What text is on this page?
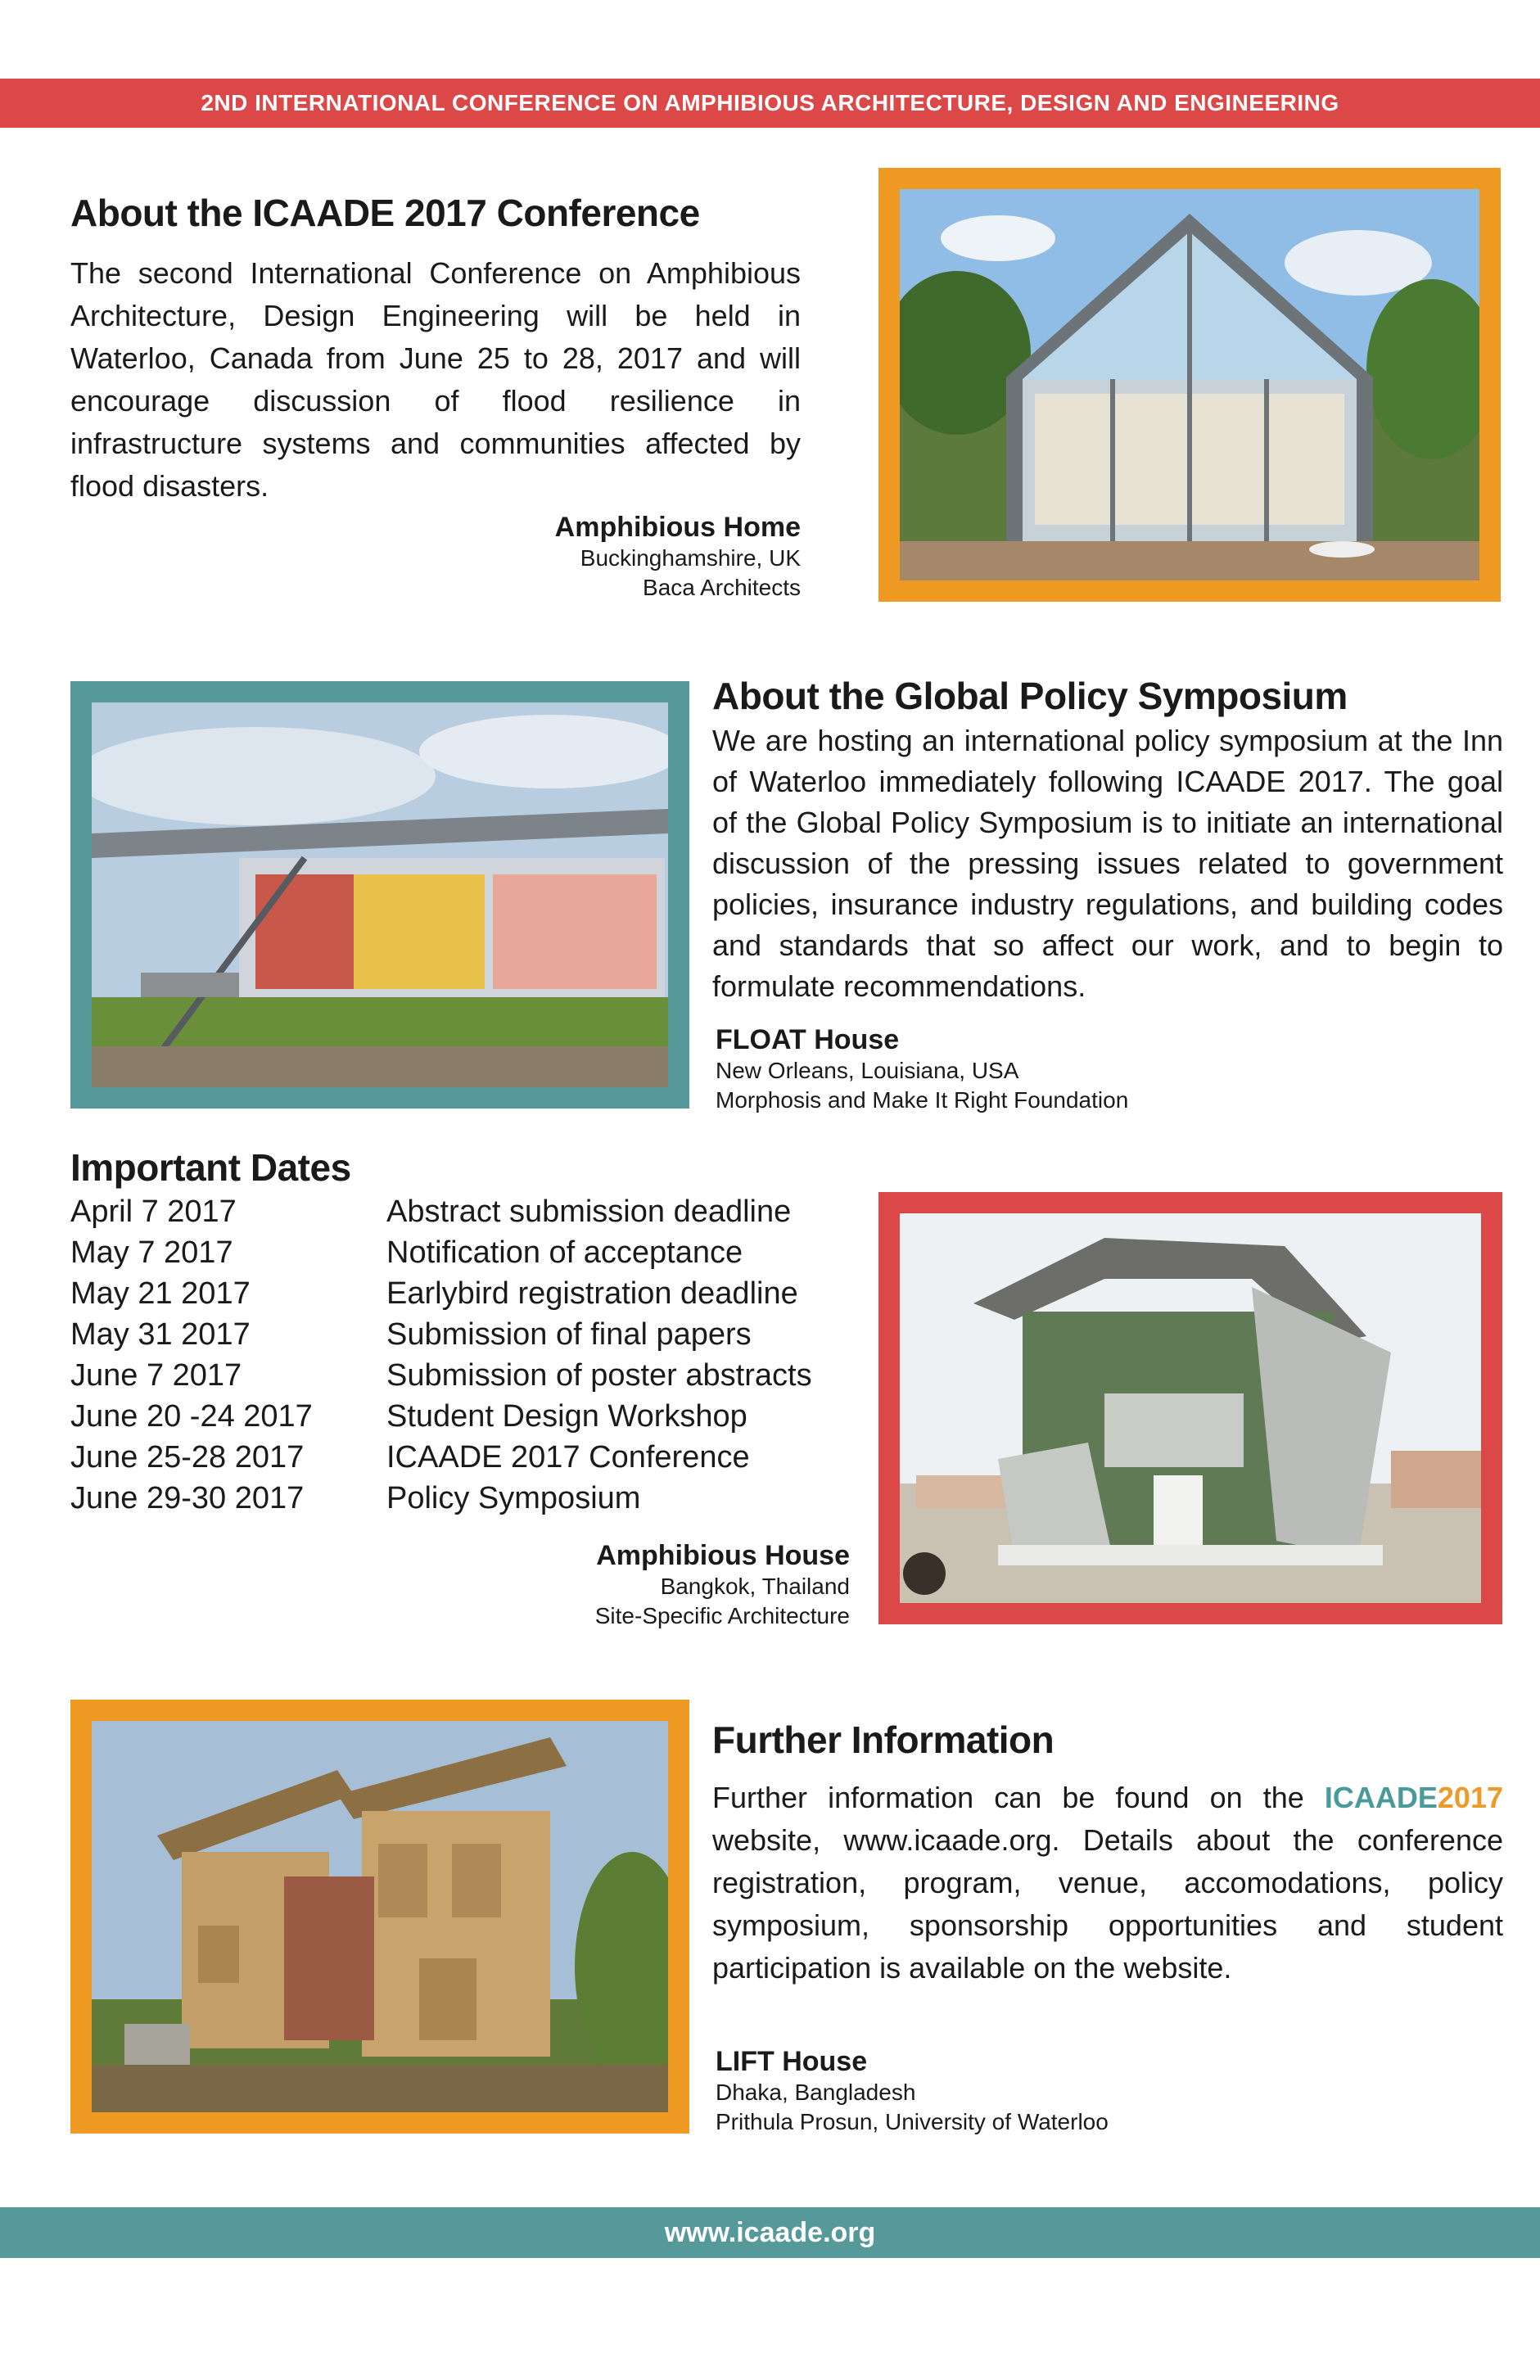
2ND INTERNATIONAL CONFERENCE ON AMPHIBIOUS ARCHITECTURE, DESIGN AND ENGINEERING
About the ICAADE 2017 Conference

The second International Conference on Amphibious Architecture, Design Engineering will be held in Waterloo, Canada from June 25 to 28, 2017 and will encourage discussion of flood resilience in infrastructure systems and communities affected by flood disasters.

Amphibious Home
Buckinghamshire, UK
Baca Architects
About the Global Policy Symposium

We are hosting an international policy symposium at the Inn of Waterloo immediately following ICAADE 2017. The goal of the Global Policy Symposium is to initiate an international discussion of the pressing issues related to government policies, insurance industry regulations, and building codes and standards that so affect our work, and to begin to formulate recommendations.

FLOAT House
New Orleans, Louisiana, USA
Morphosis and Make It Right Foundation
Important Dates
April 7 2017
May 7 2017
May 21 2017
May 31 2017
June 7 2017
June 20 -24 2017
June 25-28 2017
June 29-30 2017
Abstract submission deadline
Notification of acceptance
Earlybird registration deadline
Submission of final papers
Submission of poster abstracts
Student Design Workshop
ICAADE 2017 Conference
Policy Symposium
Amphibious House
Bangkok, Thailand
Site-Specific Architecture
Further Information

Further information can be found on the ICAADE2017 website, www.icaade.org. Details about the conference registration, program, venue, accomodations, policy symposium, sponsorship opportunities and student participation is available on the website.

LIFT House
Dhaka, Bangladesh
Prithula Prosun, University of Waterloo
www.icaade.org
